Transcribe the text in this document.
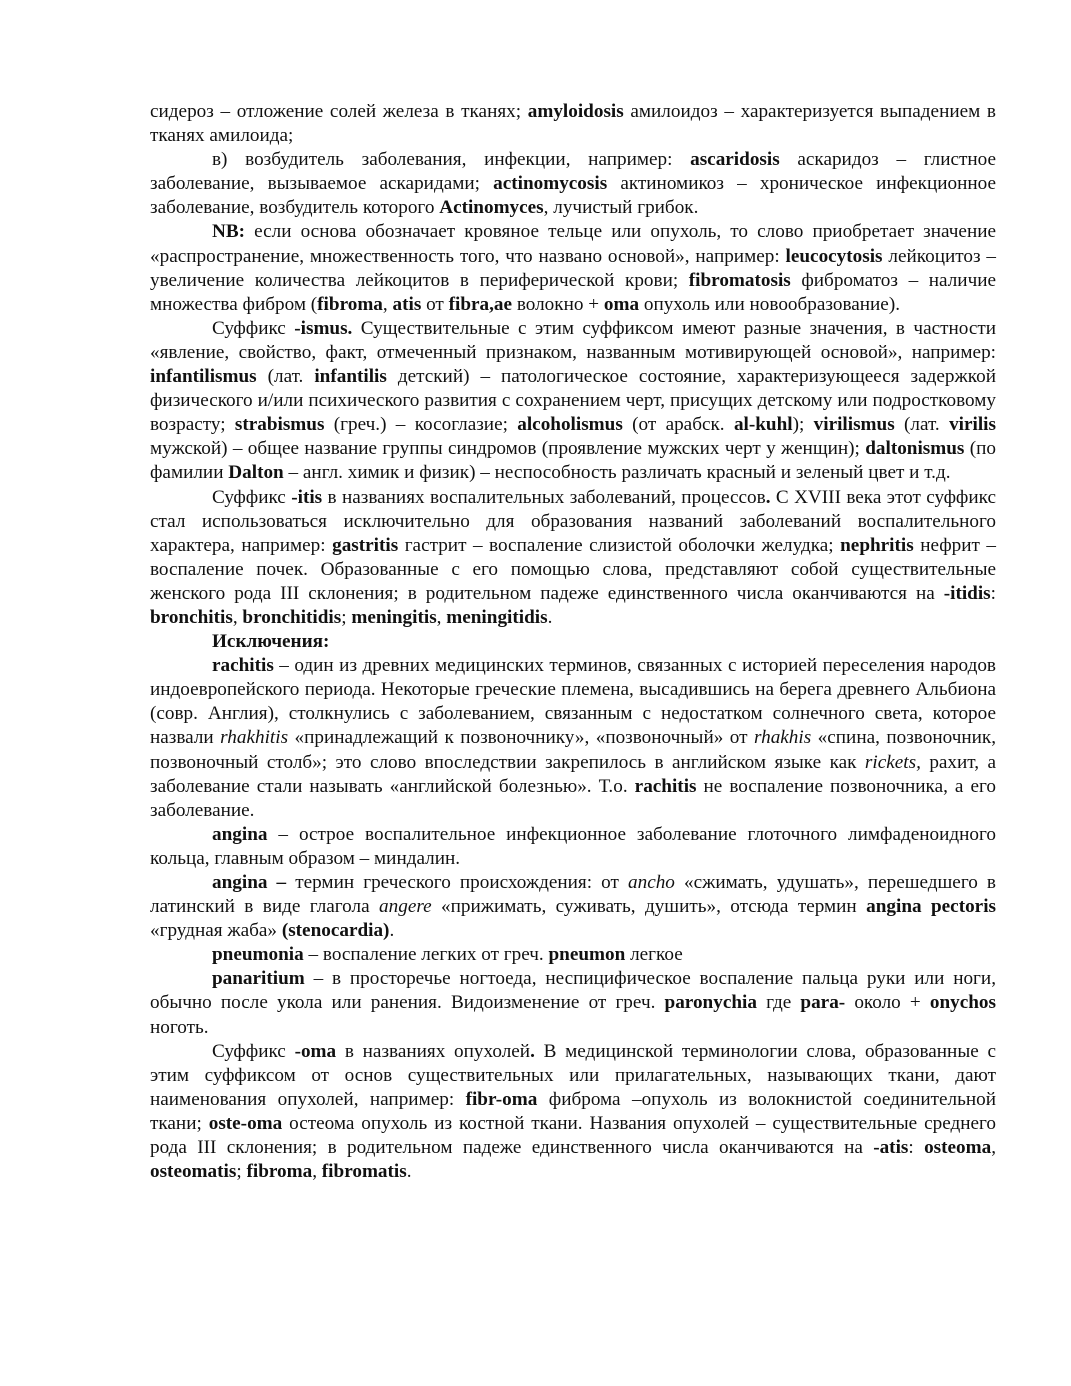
сидероз – отложение солей железа в тканях; amyloidosis амилоидоз – характеризуется выпадением в тканях амилоида;

в) возбудитель заболевания, инфекции, например: ascaridosis аскаридоз – глистное заболевание, вызываемое аскаридами; actinomycosis актиномикоз – хроническое инфекционное заболевание, возбудитель которого Actinomyces, лучистый грибок.

NB: если основа обозначает кровяное тельце или опухоль, то слово приобретает значение «распространение, множественность того, что названо основой», например: leucocytosis лейкоцитоз – увеличение количества лейкоцитов в периферической крови; fibromatosis фиброматоз – наличие множества фибром (fibroma, atis от fibra,ae волокно + oma опухоль или новообразование).

Суффикс -ismus. Существительные с этим суффиксом имеют разные значения, в частности «явление, свойство, факт, отмеченный признаком, названным мотивирующей основой», например: infantilismus (лат. infantilis детский) – патологическое состояние, характеризующееся задержкой физического и/или психического развития с сохранением черт, присущих детскому или подростковому возрасту; strabismus (греч.) – косоглазие; alcoholismus (от арабск. al-kuhl); virilismus (лат. virilis мужской) – общее название группы синдромов (проявление мужских черт у женщин); daltonismus (по фамилии Dalton – англ. химик и физик) – неспособность различать красный и зеленый цвет и т.д.

Суффикс -itis в названиях воспалительных заболеваний, процессов. С XVIII века этот суффикс стал использоваться исключительно для образования названий заболеваний воспалительного характера, например: gastritis гастрит – воспаление слизистой оболочки желудка; nephritis нефрит – воспаление почек. Образованные с его помощью слова, представляют собой существительные женского рода III склонения; в родительном падеже единственного числа оканчиваются на -itidis: bronchitis, bronchitidis; meningitis, meningitidis.

Исключения:

rachitis – один из древних медицинских терминов, связанных с историей переселения народов индоевропейского периода. Некоторые греческие племена, высадившись на берега древнего Альбиона (совр. Англия), столкнулись с заболеванием, связанным с недостатком солнечного света, которое назвали rhakhitis «принадлежащий к позвоночнику», «позвоночный» от rhakhis «спина, позвоночник, позвоночный столб»; это слово впоследствии закрепилось в английском языке как rickets, рахит, а заболевание стали называть «английской болезнью». Т.о. rachitis не воспаление позвоночника, а его заболевание.

angina – острое воспалительное инфекционное заболевание глоточного лимфаденоидного кольца, главным образом – миндалин.

angina – термин греческого происхождения: от ancho «сжимать, удушать», перешедшего в латинский в виде глагола angere «прижимать, суживать, душить», отсюда термин angina pectoris «грудная жаба» (stenocardia).

pneumonia – воспаление легких от греч. pneumon легкое

panaritium – в просторечье ногтоеда, неспицифическое воспаление пальца руки или ноги, обычно после укола или ранения. Видоизменение от греч. paronychia где para- около + onychos ноготь.

Суффикс -oma в названиях опухолей. В медицинской терминологии слова, образованные с этим суффиксом от основ существительных или прилагательных, называющих ткани, дают наименования опухолей, например: fibr-oma фиброма –опухоль из волокнистой соединительной ткани; oste-oma остеома опухоль из костной ткани. Названия опухолей – существительные среднего рода III склонения; в родительном падеже единственного числа оканчиваются на -atis: osteoma, osteomatis; fibroma, fibromatis.
